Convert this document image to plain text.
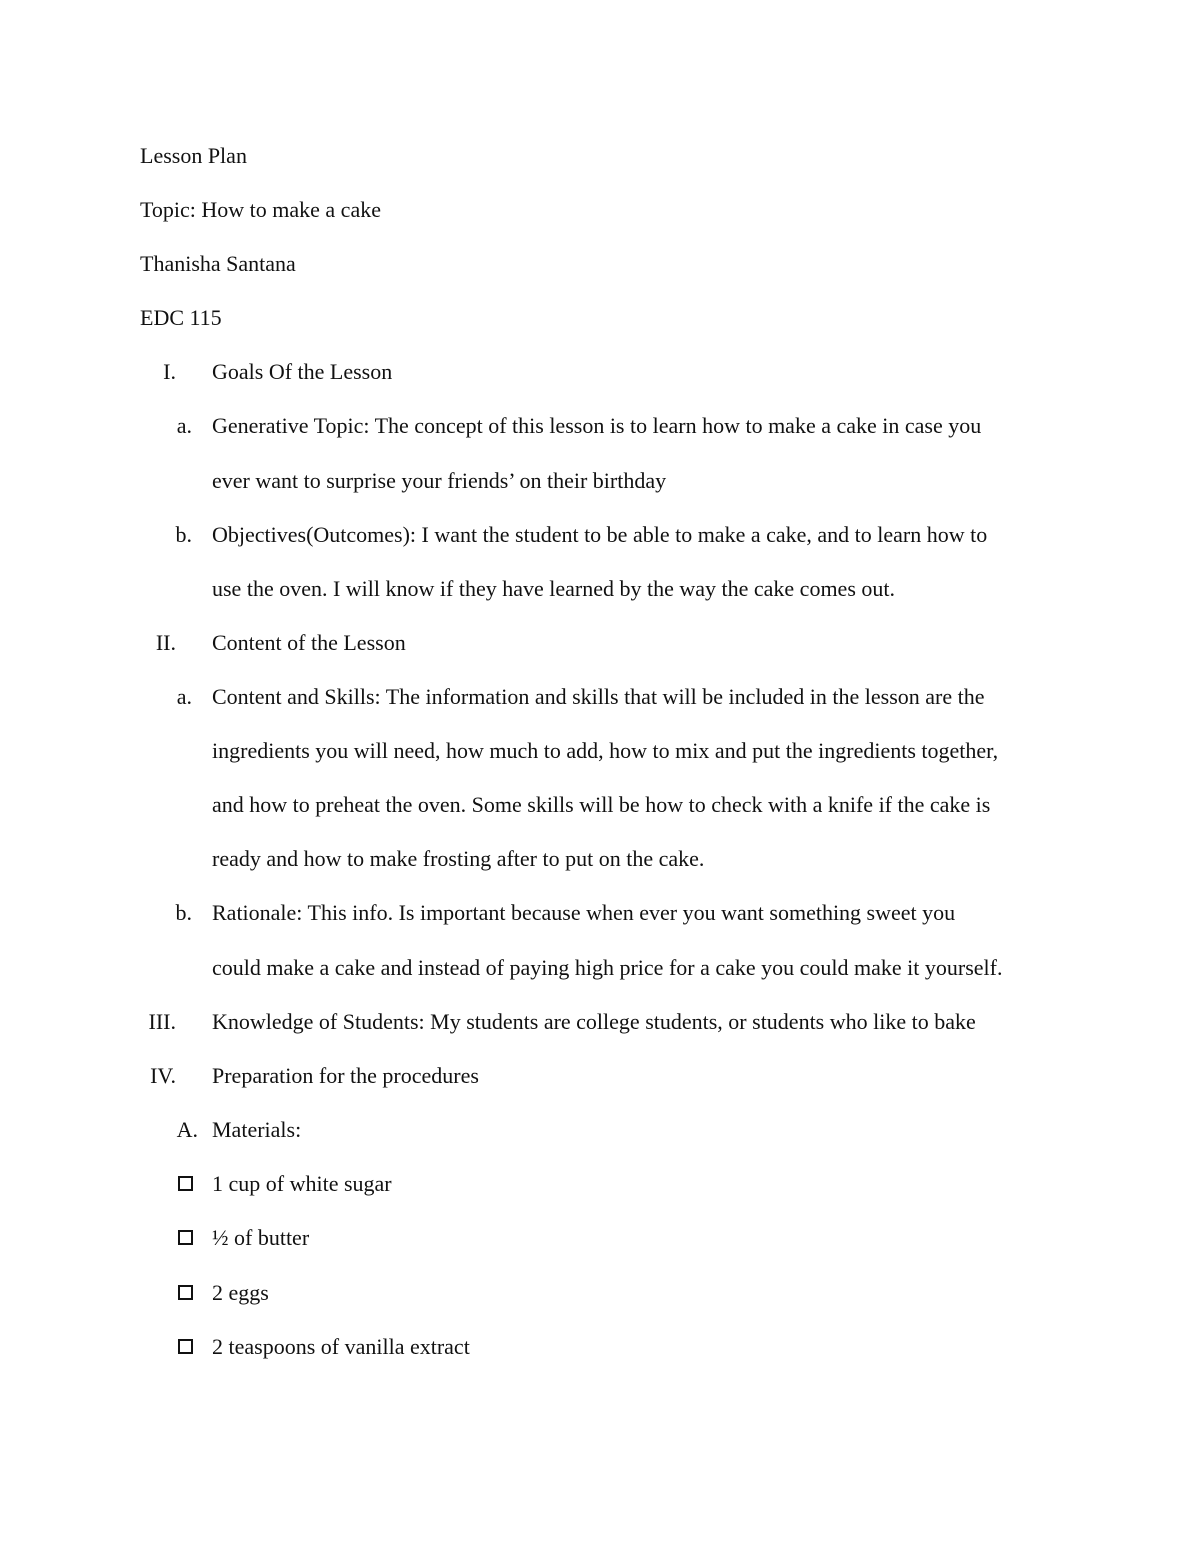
Lesson Plan
Topic: How to make a cake
Thanisha Santana
EDC 115
I. Goals Of the Lesson
a. Generative Topic: The concept of this lesson is to learn how to make a cake in case you
ever want to surprise your friends’ on their birthday
b. Objectives(Outcomes): I want the student to be able to make a cake, and to learn how to
use the oven. I will know if they have learned by the way the cake comes out.
II. Content of the Lesson
a. Content and Skills: The information and skills that will be included in the lesson are the
ingredients you will need, how much to add, how to mix and put the ingredients together,
and how to preheat the oven. Some skills will be how to check with a knife if the cake is
ready and how to make frosting after to put on the cake.
b. Rationale: This info. Is important because when ever you want something sweet you
could make a cake and instead of paying high price for a cake you could make it yourself.
III. Knowledge of Students: My students are college students, or students who like to bake
IV. Preparation for the procedures
A. Materials:
1 cup of white sugar
½ of butter
2 eggs
2 teaspoons of vanilla extract
